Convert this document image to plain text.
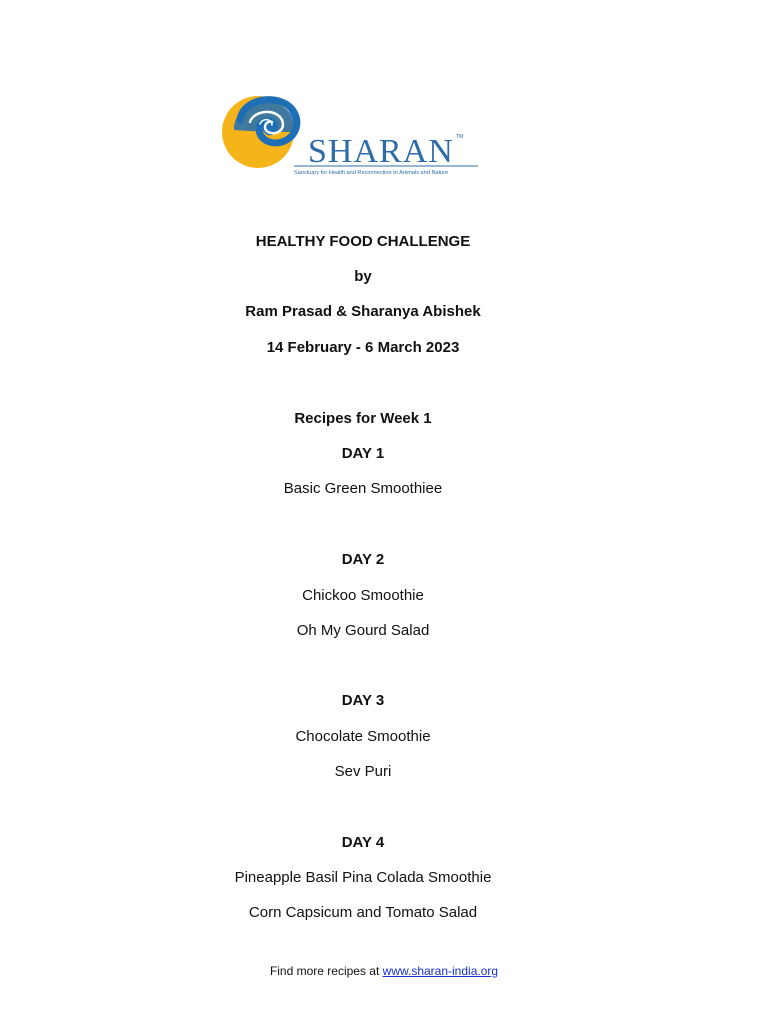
SHARAN TM
Sanctuary for Health and Reconnection to Animals and Nature
HEALTHY FOOD CHALLENGE
by
Ram Prasad & Sharanya Abishek
14 February - 6 March 2023
Recipes for Week 1
DAY 1
Basic Green Smoothiee
DAY 2
Chickoo Smoothie
Oh My Gourd Salad
DAY 3
Chocolate Smoothie
Sev Puri
DAY 4
Pineapple Basil Pina Colada Smoothie
Corn Capsicum and Tomato Salad
Find more recipes at www.sharan-india.org
